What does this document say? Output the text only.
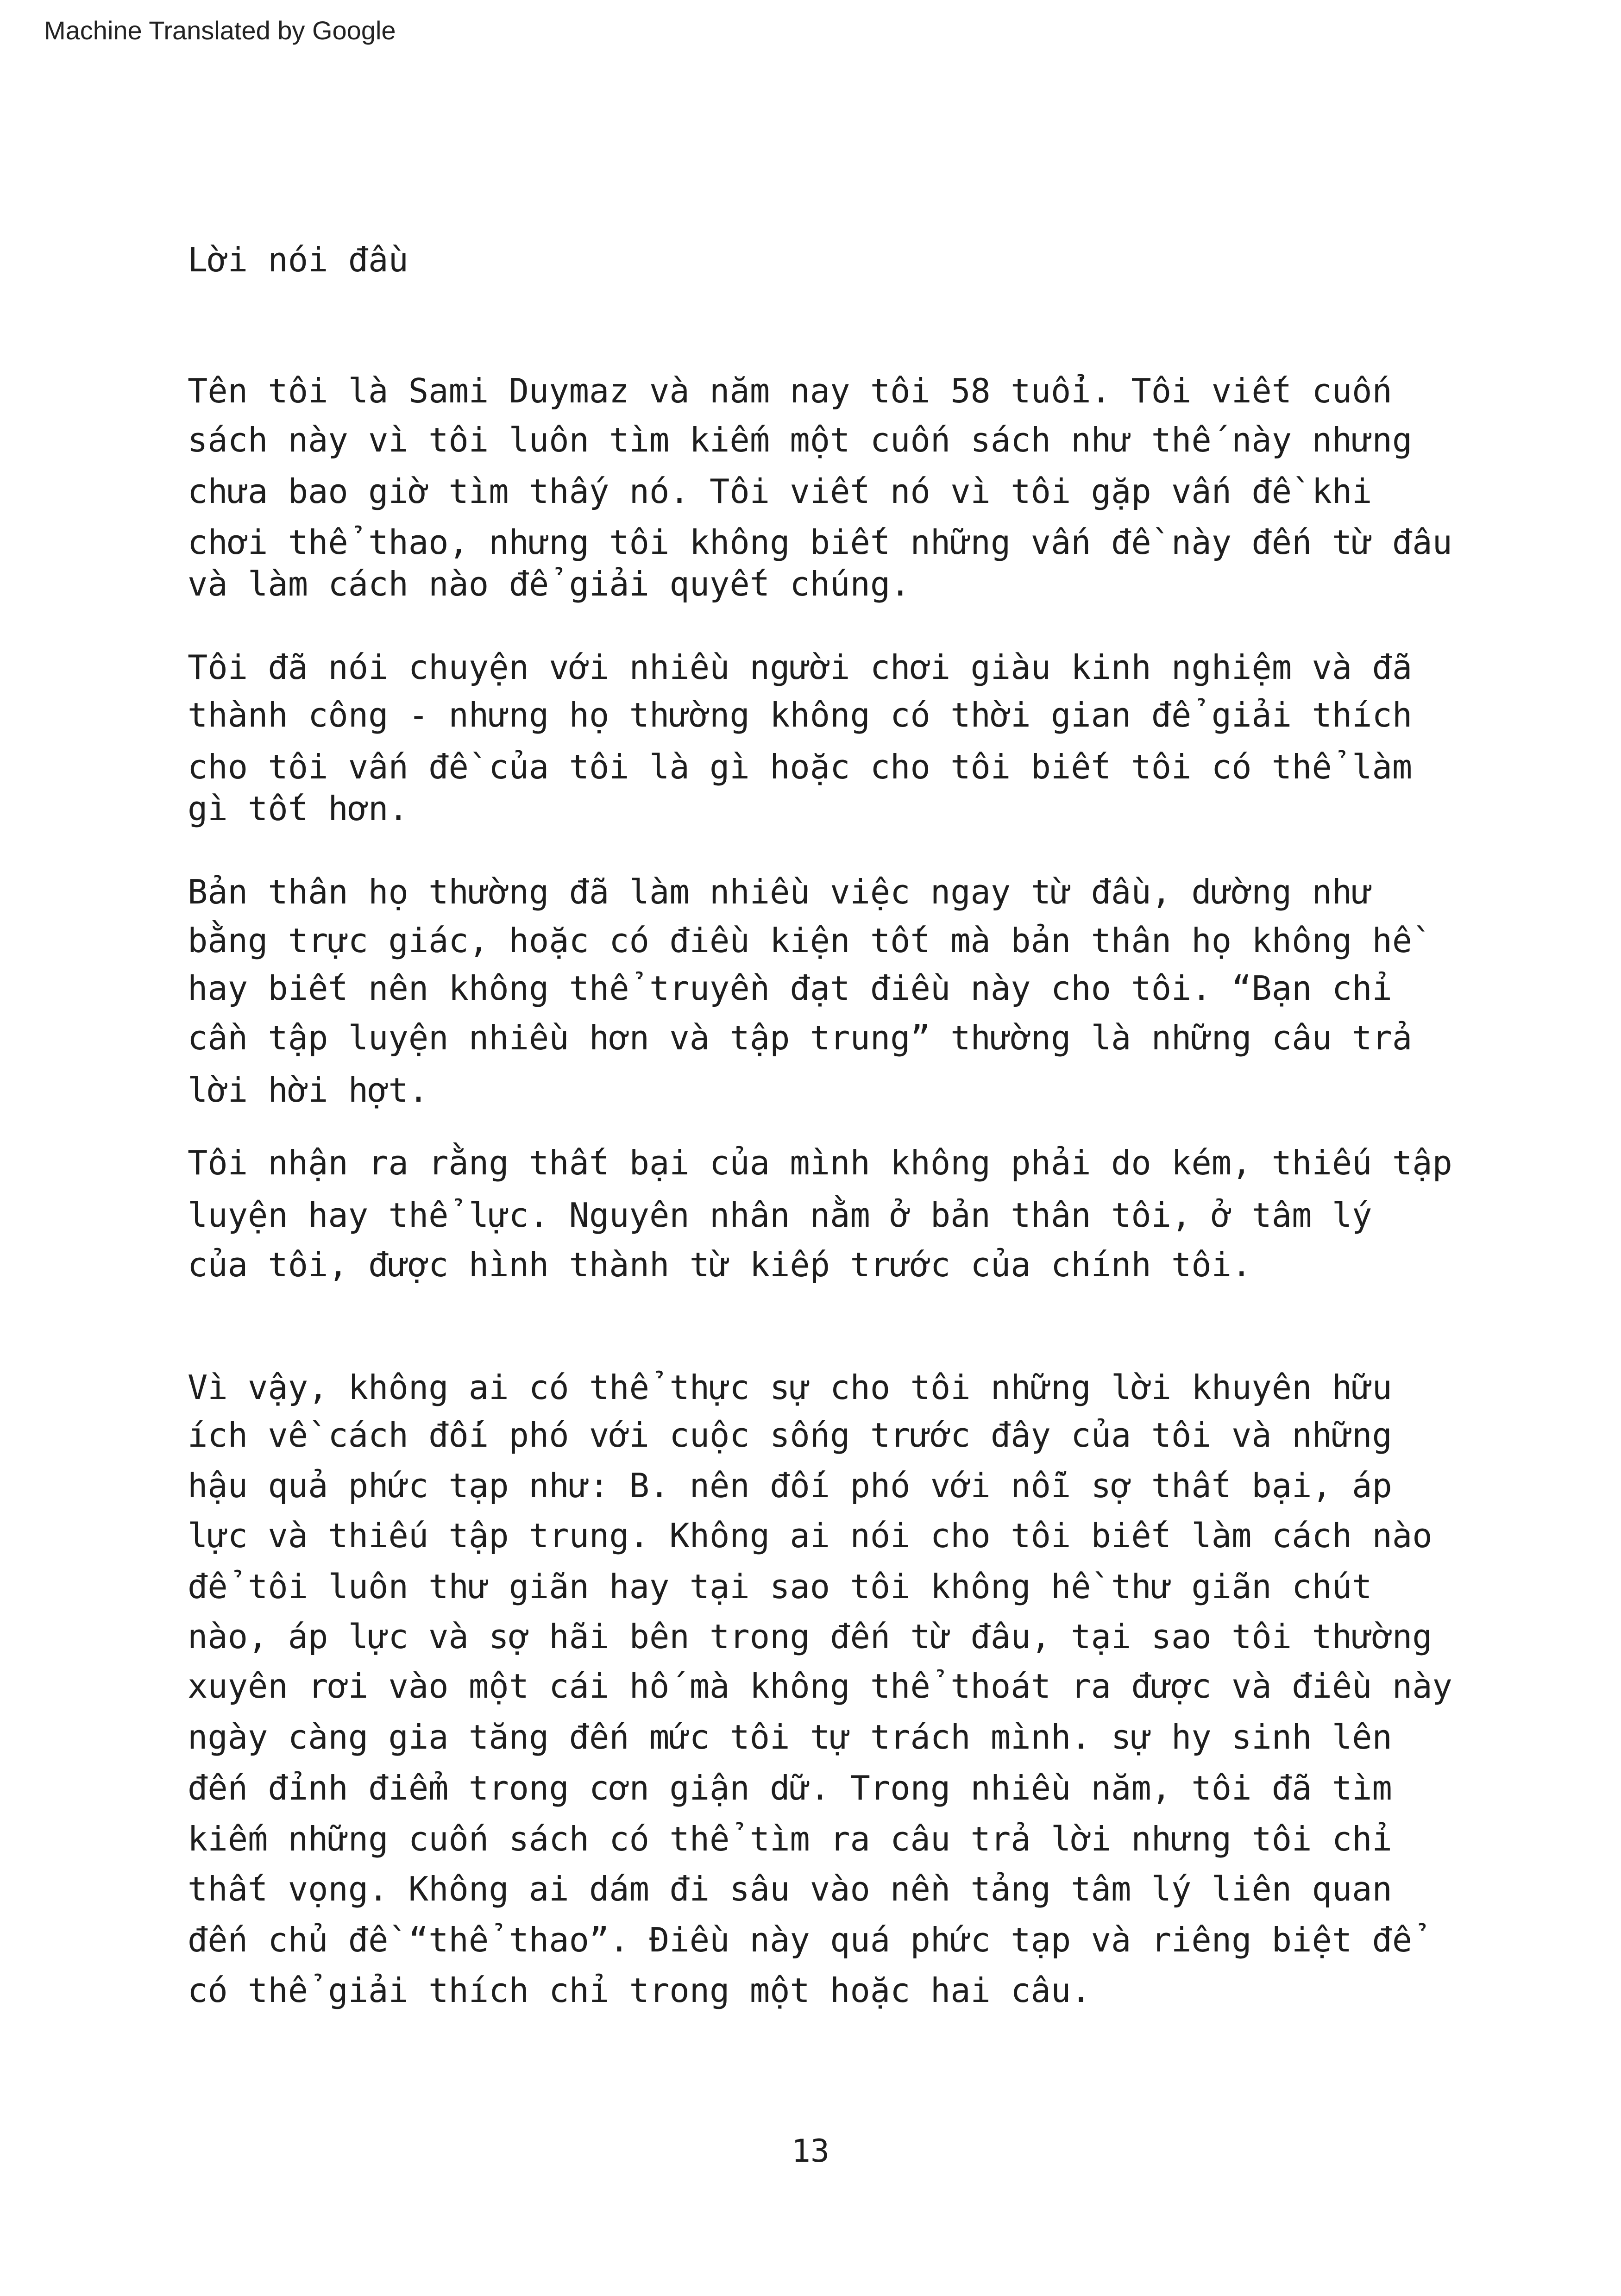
Machine Translated by Google
Lời nói đầu
Tên tôi là Sami Duymaz và năm nay tôi 58 tuổi. Tôi viết cuốn
sách này vì tôi luôn tìm kiếm một cuốn sách như thế này nhưng
chưa bao giờ tìm thấy nó. Tôi viết nó vì tôi gặp vấn đề khi
chơi thể thao, nhưng tôi không biết những vấn đề này đến từ đâu
và làm cách nào để giải quyết chúng.
Tôi đã nói chuyện với nhiều người chơi giàu kinh nghiệm và đã
thành công - nhưng họ thường không có thời gian để giải thích
cho tôi vấn đề của tôi là gì hoặc cho tôi biết tôi có thể làm
gì tốt hơn.
Bản thân họ thường đã làm nhiều việc ngay từ đầu, dường như
bằng trực giác, hoặc có điều kiện tốt mà bản thân họ không hề
hay biết nên không thể truyền đạt điều này cho tôi. “Bạn chỉ
cần tập luyện nhiều hơn và tập trung” thường là những câu trả
lời hời hợt.
Tôi nhận ra rằng thất bại của mình không phải do kém, thiếu tập
luyện hay thể lực. Nguyên nhân nằm ở bản thân tôi, ở tâm lý
của tôi, được hình thành từ kiếp trước của chính tôi.
Vì vậy, không ai có thể thực sự cho tôi những lời khuyên hữu
ích về cách đối phó với cuộc sống trước đây của tôi và những
hậu quả phức tạp như: B. nên đối phó với nỗi sợ thất bại, áp
lực và thiếu tập trung. Không ai nói cho tôi biết làm cách nào
để tôi luôn thư giãn hay tại sao tôi không hề thư giãn chút
nào, áp lực và sợ hãi bên trong đến từ đâu, tại sao tôi thường
xuyên rơi vào một cái hố mà không thể thoát ra được và điều này
ngày càng gia tăng đến mức tôi tự trách mình. sự hy sinh lên
đến đỉnh điểm trong cơn giận dữ. Trong nhiều năm, tôi đã tìm
kiếm những cuốn sách có thể tìm ra câu trả lời nhưng tôi chỉ
thất vọng. Không ai dám đi sâu vào nền tảng tâm lý liên quan
đến chủ đề “thể thao”. Điều này quá phức tạp và riêng biệt để
có thể giải thích chỉ trong một hoặc hai câu.
13
